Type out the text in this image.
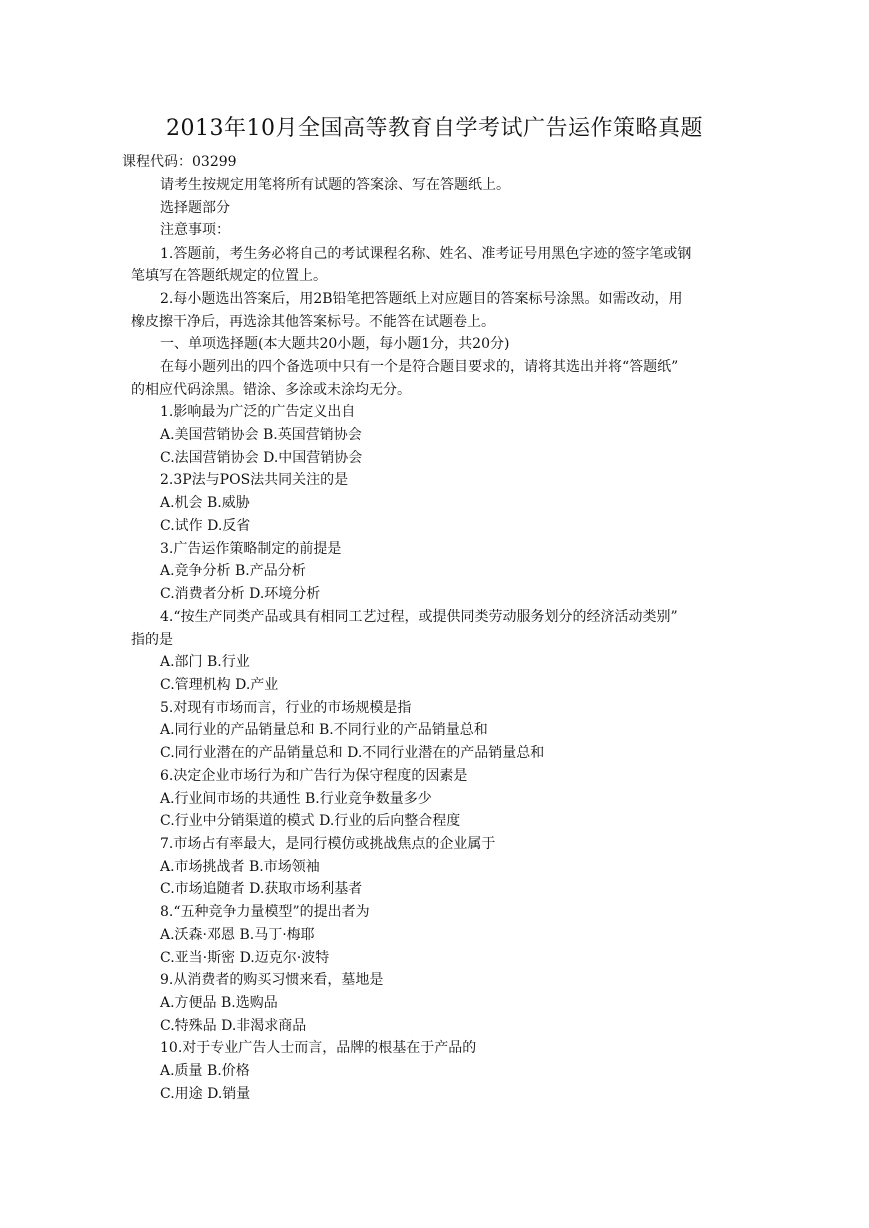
2013年10月全国高等教育自学考试广告运作策略真题
课程代码：03299
请考生按规定用笔将所有试题的答案涂、写在答题纸上。
选择题部分
注意事项：
1.答题前，考生务必将自己的考试课程名称、姓名、准考证号用黑色字迹的签字笔或钢
笔填写在答题纸规定的位置上。
2.每小题选出答案后，用2B铅笔把答题纸上对应题目的答案标号涂黑。如需改动，用
橡皮擦干净后，再选涂其他答案标号。不能答在试题卷上。
一、单项选择题(本大题共20小题，每小题1分，共20分)
在每小题列出的四个备选项中只有一个是符合题目要求的，请将其选出并将“答题纸”
的相应代码涂黑。错涂、多涂或未涂均无分。
1.影响最为广泛的广告定义出自
A.美国营销协会 B.英国营销协会
C.法国营销协会 D.中国营销协会
2.3P法与POS法共同关注的是
A.机会 B.威胁
C.试作 D.反省
3.广告运作策略制定的前提是
A.竞争分析 B.产品分析
C.消费者分析 D.环境分析
4.“按生产同类产品或具有相同工艺过程，或提供同类劳动服务划分的经济活动类别”
指的是
A.部门 B.行业
C.管理机构 D.产业
5.对现有市场而言，行业的市场规模是指
A.同行业的产品销量总和 B.不同行业的产品销量总和
C.同行业潜在的产品销量总和 D.不同行业潜在的产品销量总和
6.决定企业市场行为和广告行为保守程度的因素是
A.行业间市场的共通性 B.行业竞争数量多少
C.行业中分销渠道的模式 D.行业的后向整合程度
7.市场占有率最大，是同行模仿或挑战焦点的企业属于
A.市场挑战者 B.市场领袖
C.市场追随者 D.获取市场利基者
8.“五种竞争力量模型”的提出者为
A.沃森·邓恩 B.马丁·梅耶
C.亚当·斯密 D.迈克尔·波特
9.从消费者的购买习惯来看，墓地是
A.方便品 B.选购品
C.特殊品 D.非渴求商品
10.对于专业广告人士而言，品牌的根基在于产品的
A.质量 B.价格
C.用途 D.销量
